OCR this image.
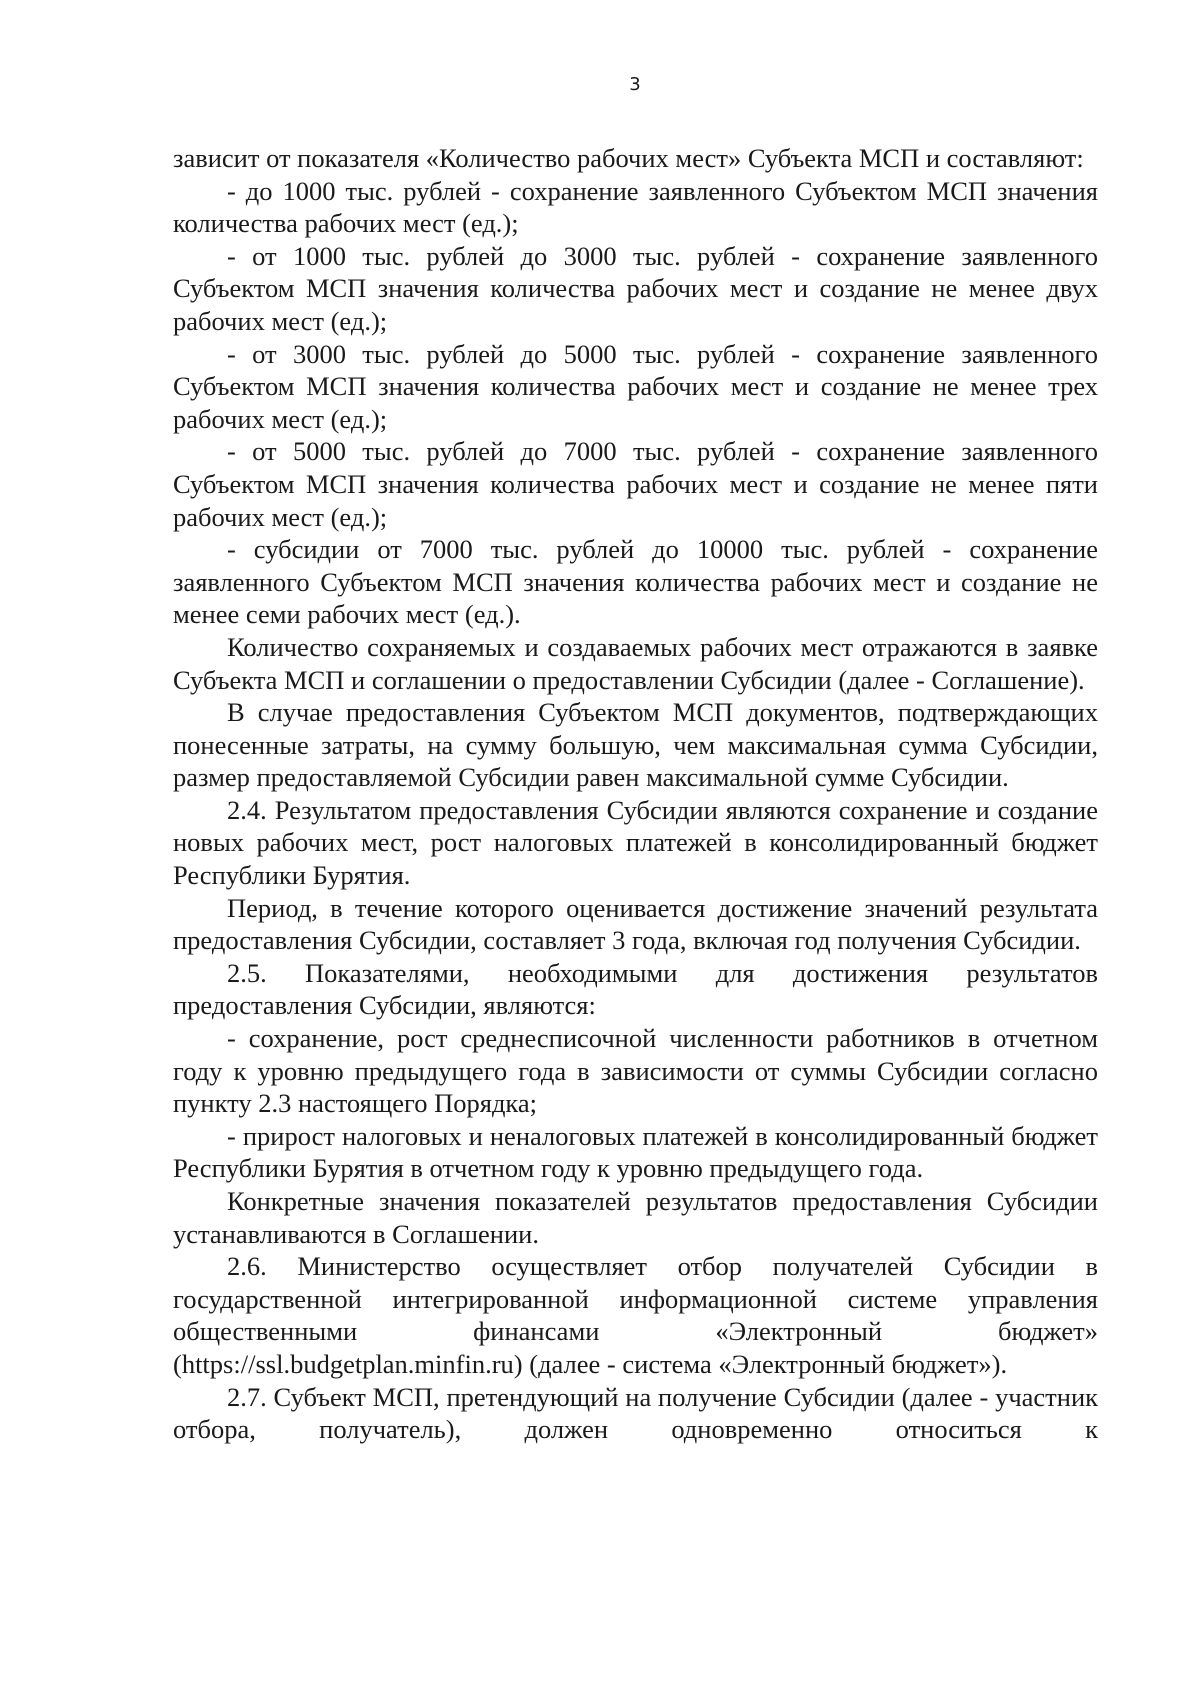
3

зависит от показателя «Количество рабочих мест» Субъекта МСП и составляют:

- до 1000 тыс. рублей - сохранение заявленного Субъектом МСП значения количества рабочих мест (ед.);

- от 1000 тыс. рублей до 3000 тыс. рублей - сохранение заявленного Субъектом МСП значения количества рабочих мест и создание не менее двух рабочих мест (ед.);

- от 3000 тыс. рублей до 5000 тыс. рублей - сохранение заявленного Субъектом МСП значения количества рабочих мест и создание не менее трех рабочих мест (ед.);

- от 5000 тыс. рублей до 7000 тыс. рублей - сохранение заявленного Субъектом МСП значения количества рабочих мест и создание не менее пяти рабочих мест (ед.);

- субсидии от 7000 тыс. рублей до 10000 тыс. рублей - сохранение заявленного Субъектом МСП значения количества рабочих мест и создание не менее семи рабочих мест (ед.).

Количество сохраняемых и создаваемых рабочих мест отражаются в заявке Субъекта МСП и соглашении о предоставлении Субсидии (далее - Соглашение).

В случае предоставления Субъектом МСП документов, подтверждающих понесенные затраты, на сумму большую, чем максимальная сумма Субсидии, размер предоставляемой Субсидии равен максимальной сумме Субсидии.

2.4. Результатом предоставления Субсидии являются сохранение и создание новых рабочих мест, рост налоговых платежей в консолидированный бюджет Республики Бурятия.

Период, в течение которого оценивается достижение значений результата предоставления Субсидии, составляет 3 года, включая год получения Субсидии.

2.5. Показателями, необходимыми для достижения результатов предоставления Субсидии, являются:

- сохранение, рост среднесписочной численности работников в отчетном году к уровню предыдущего года в зависимости от суммы Субсидии согласно пункту 2.3 настоящего Порядка;

- прирост налоговых и неналоговых платежей в консолидированный бюджет Республики Бурятия в отчетном году к уровню предыдущего года.

Конкретные значения показателей результатов предоставления Субсидии устанавливаются в Соглашении.

2.6. Министерство осуществляет отбор получателей Субсидии в государственной интегрированной информационной системе управления общественными финансами «Электронный бюджет» (https://ssl.budgetplan.minfin.ru) (далее - система «Электронный бюджет»).

2.7. Субъект МСП, претендующий на получение Субсидии (далее - участник отбора, получатель), должен одновременно относиться к
